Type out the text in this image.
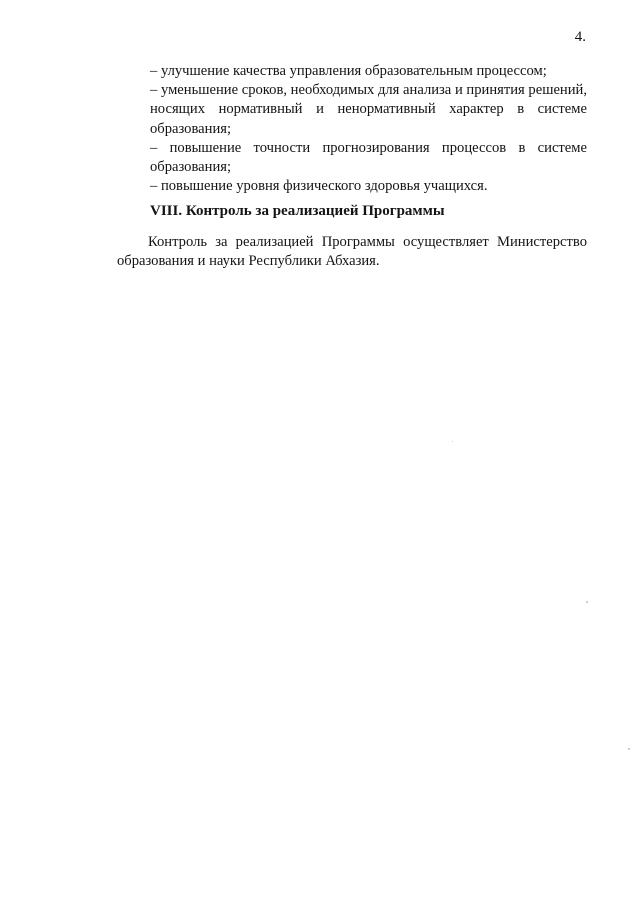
4.

– улучшение качества управления образовательным процессом;

– уменьшение сроков, необходимых для анализа и принятия решений, носящих нормативный и ненормативный характер в системе образования;

– повышение точности прогнозирования процессов в системе образования;

– повышение уровня физического здоровья учащихся.

VIII. Контроль за реализацией Программы

Контроль за реализацией Программы осуществляет Министерство образования и науки Республики Абхазия.
